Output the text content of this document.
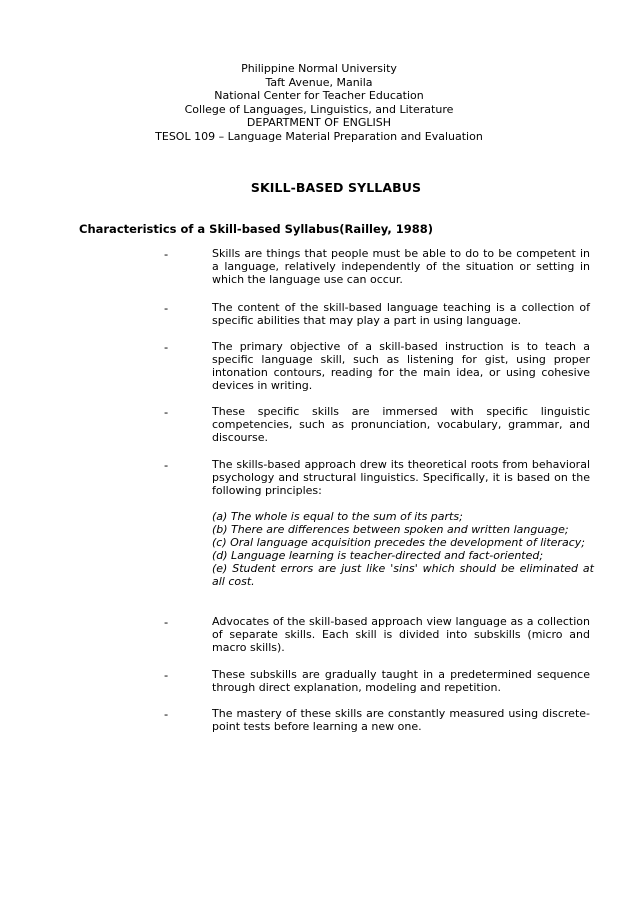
Philippine Normal University
Taft Avenue, Manila
National Center for Teacher Education
College of Languages, Linguistics, and Literature
DEPARTMENT OF ENGLISH
TESOL 109 – Language Material Preparation and Evaluation
SKILL-BASED SYLLABUS
Characteristics of a Skill-based Syllabus(Railley, 1988)
-	Skills are things that people must be able to do to be competent in a language, relatively independently of the situation or setting in which the language use can occur.
-	The content of the skill-based language teaching is a collection of specific abilities that may play a part in using language.
-	The primary objective of a skill-based instruction is to teach a specific language skill, such as listening for gist, using proper intonation contours, reading for the main idea, or using cohesive devices in writing.
-	These specific skills are immersed with specific linguistic competencies, such as pronunciation, vocabulary, grammar, and discourse.
-	The skills-based approach drew its theoretical roots from behavioral psychology and structural linguistics. Specifically, it is based on the following principles:
(a) The whole is equal to the sum of its parts;
(b) There are differences between spoken and written language;
(c) Oral language acquisition precedes the development of literacy;
(d) Language learning is teacher-directed and fact-oriented;
(e) Student errors are just like 'sins' which should be eliminated at all cost.
-	Advocates of the skill-based approach view language as a collection of separate skills. Each skill is divided into subskills (micro and macro skills).
-	These subskills are gradually taught in a predetermined sequence through direct explanation, modeling and repetition.
-	The mastery of these skills are constantly measured using discrete-point tests before learning a new one.
